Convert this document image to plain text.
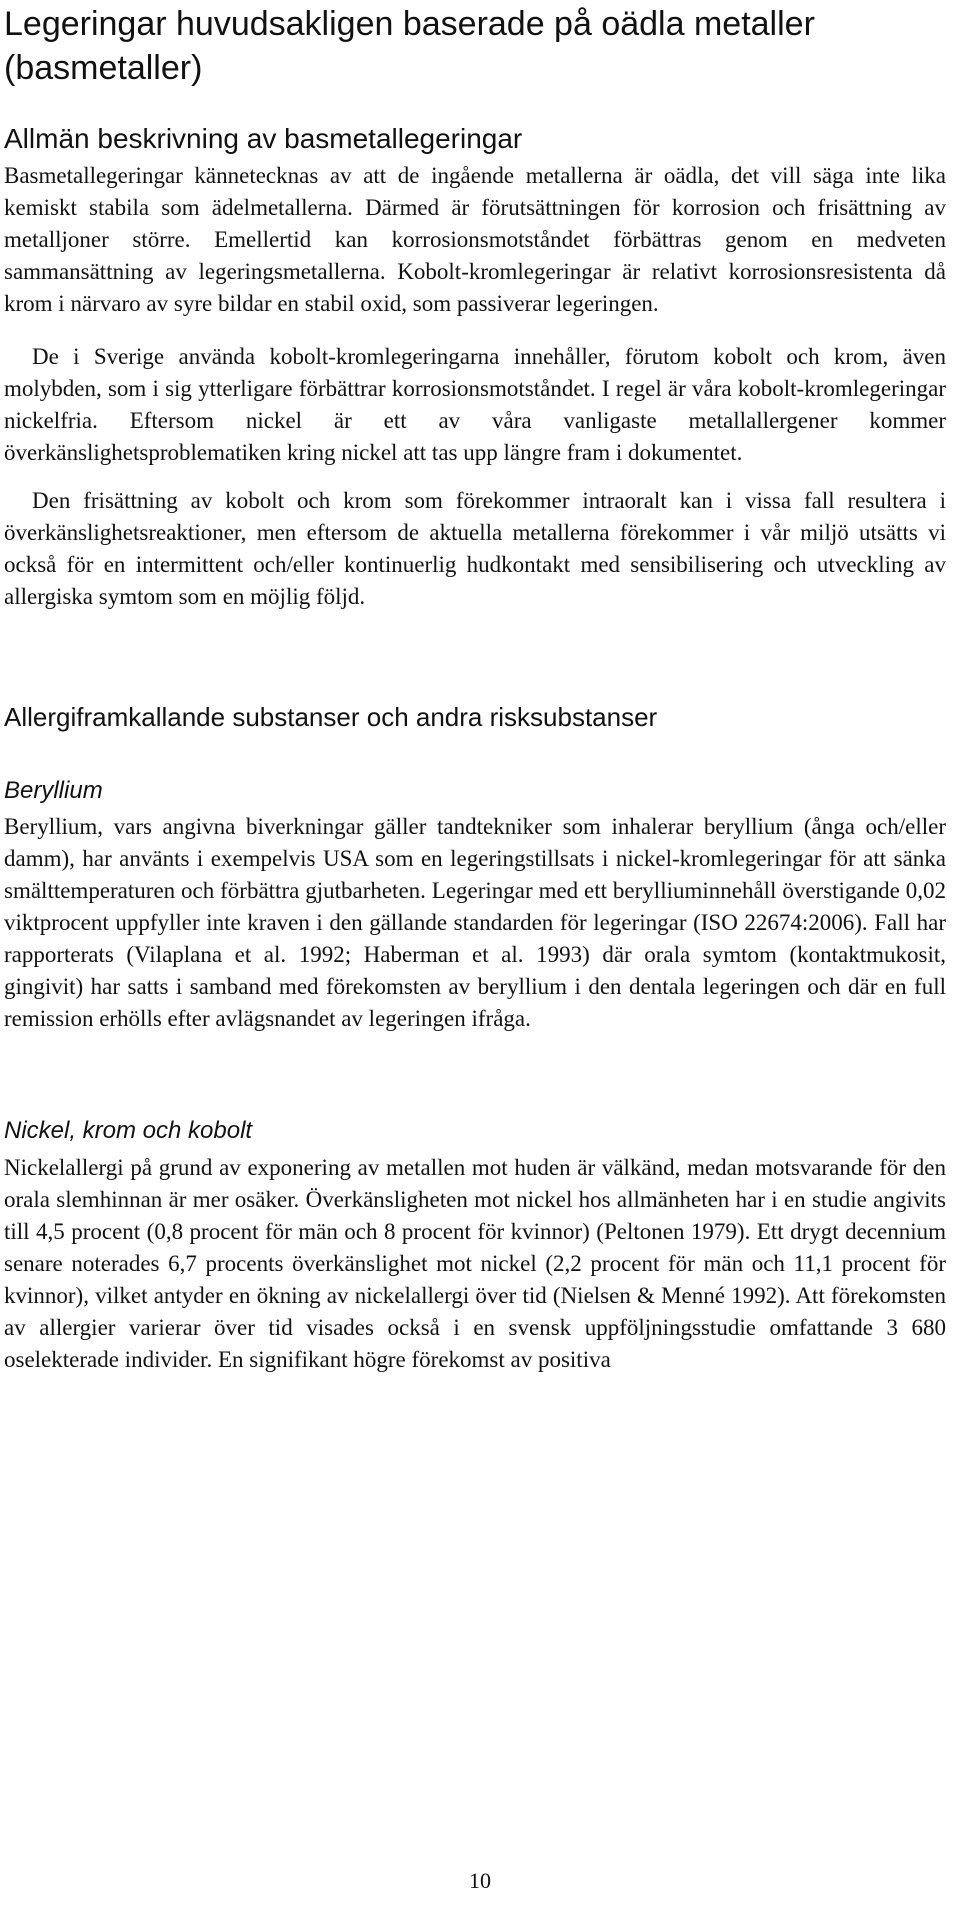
Legeringar huvudsakligen baserade på oädla metaller (basmetaller)
Allmän beskrivning av basmetallegeringar

Basmetallegeringar kännetecknas av att de ingående metallerna är oädla, det vill säga inte lika kemiskt stabila som ädelmetallerna. Därmed är förutsättningen för korrosion och frisättning av metalljoner större. Emellertid kan korrosionsmotståndet förbättras genom en medveten sammansättning av legeringsmetallerna. Kobolt-kromlegeringar är relativt korrosionsresistenta då krom i närvaro av syre bildar en stabil oxid, som passiverar legeringen.

De i Sverige använda kobolt-kromlegeringarna innehåller, förutom kobolt och krom, även molybden, som i sig ytterligare förbättrar korrosionsmotståndet. I regel är våra kobolt-kromlegeringar nickelfria. Eftersom nickel är ett av våra vanligaste metallallergener kommer överkänslighetsproblematiken kring nickel att tas upp längre fram i dokumentet.

Den frisättning av kobolt och krom som förekommer intraoralt kan i vissa fall resultera i överkänslighetsreaktioner, men eftersom de aktuella metallerna förekommer i vår miljö utsätts vi också för en intermittent och/eller kontinuerlig hudkontakt med sensibilisering och utveckling av allergiska symtom som en möjlig följd.

Allergiframkallande substanser och andra risksubstanser
Beryllium

Beryllium, vars angivna biverkningar gäller tandtekniker som inhalerar beryllium (ånga och/eller damm), har använts i exempelvis USA som en legeringstillsats i nickel-kromlegeringar för att sänka smälttemperaturen och förbättra gjutbarheten. Legeringar med ett berylliuminnehåll överstigande 0,02 viktprocent uppfyller inte kraven i den gällande standarden för legeringar (ISO 22674:2006). Fall har rapporterats (Vilaplana et al. 1992; Haberman et al. 1993) där orala symtom (kontaktmukosit, gingivit) har satts i samband med förekomsten av beryllium i den dentala legeringen och där en full remission erhölls efter avlägsnandet av legeringen ifråga.

Nickel, krom och kobolt

Nickelallergi på grund av exponering av metallen mot huden är välkänd, medan motsvarande för den orala slemhinnan är mer osäker. Överkänsligheten mot nickel hos allmänheten har i en studie angivits till 4,5 procent (0,8 procent för män och 8 procent för kvinnor) (Peltonen 1979). Ett drygt decennium senare noterades 6,7 procents överkänslighet mot nickel (2,2 procent för män och 11,1 procent för kvinnor), vilket antyder en ökning av nickelallergi över tid (Nielsen & Menné 1992). Att förekomsten av allergier varierar över tid visades också i en svensk uppföljningsstudie omfattande 3 680 oselekterade individer. En signifikant högre förekomst av positiva

10
